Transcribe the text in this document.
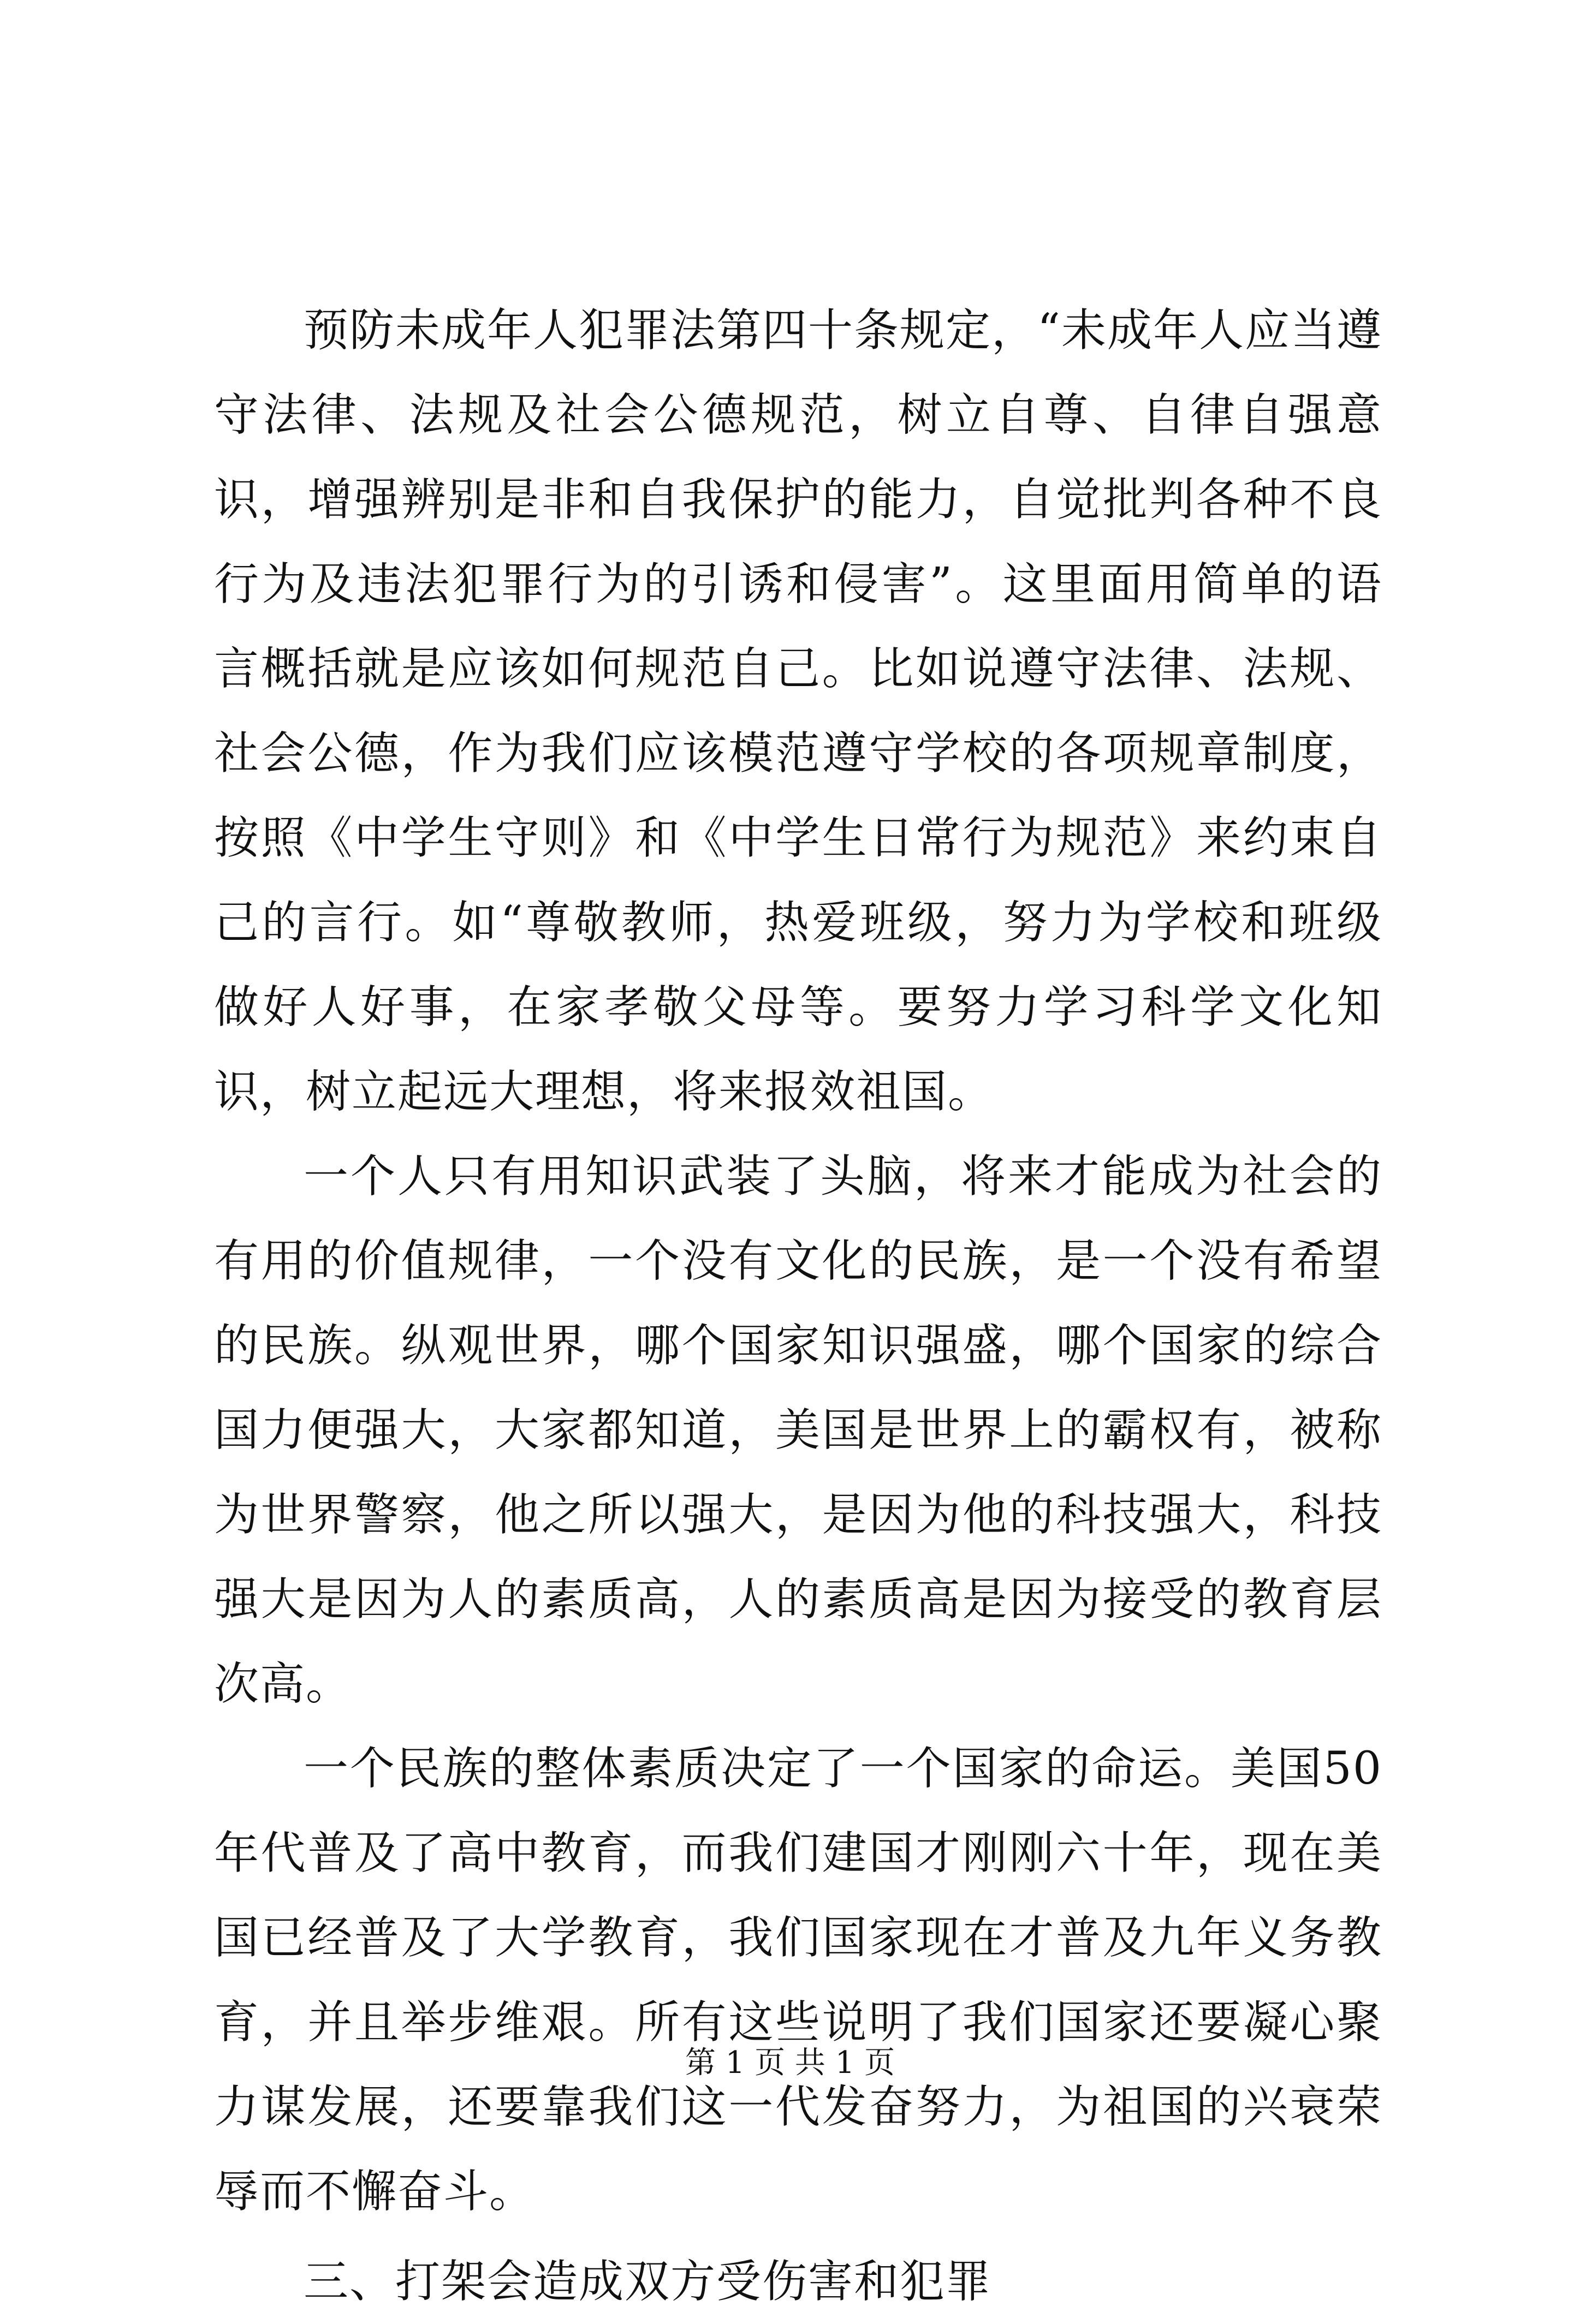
预防未成年人犯罪法第四十条规定，“未成年人应当遵守法律、法规及社会公德规范，树立自尊、自律自强意识，增强辨别是非和自我保护的能力，自觉批判各种不良行为及违法犯罪行为的引诱和侵害”。这里面用简单的语言概括就是应该如何规范自己。比如说遵守法律、法规、社会公德，作为我们应该模范遵守学校的各项规章制度，按照《中学生守则》和《中学生日常行为规范》来约束自己的言行。如“尊敬教师，热爱班级，努力为学校和班级做好人好事，在家孝敬父母等。要努力学习科学文化知识，树立起远大理想，将来报效祖国。

一个人只有用知识武装了头脑，将来才能成为社会的有用的价值规律，一个没有文化的民族，是一个没有希望的民族。纵观世界，哪个国家知识强盛，哪个国家的综合国力便强大，大家都知道，美国是世界上的霸权有，被称为世界警察，他之所以强大，是因为他的科技强大，科技强大是因为人的素质高，人的素质高是因为接受的教育层次高。

一个民族的整体素质决定了一个国家的命运。美国50年代普及了高中教育，而我们建国才刚刚六十年，现在美国已经普及了大学教育，我们国家现在才普及九年义务教育，并且举步维艰。所有这些说明了我们国家还要凝心聚力谋发展，还要靠我们这一代发奋努力，为祖国的兴衰荣辱而不懈奋斗。

三、打架会造成双方受伤害和犯罪

第 1 页 共 1 页
